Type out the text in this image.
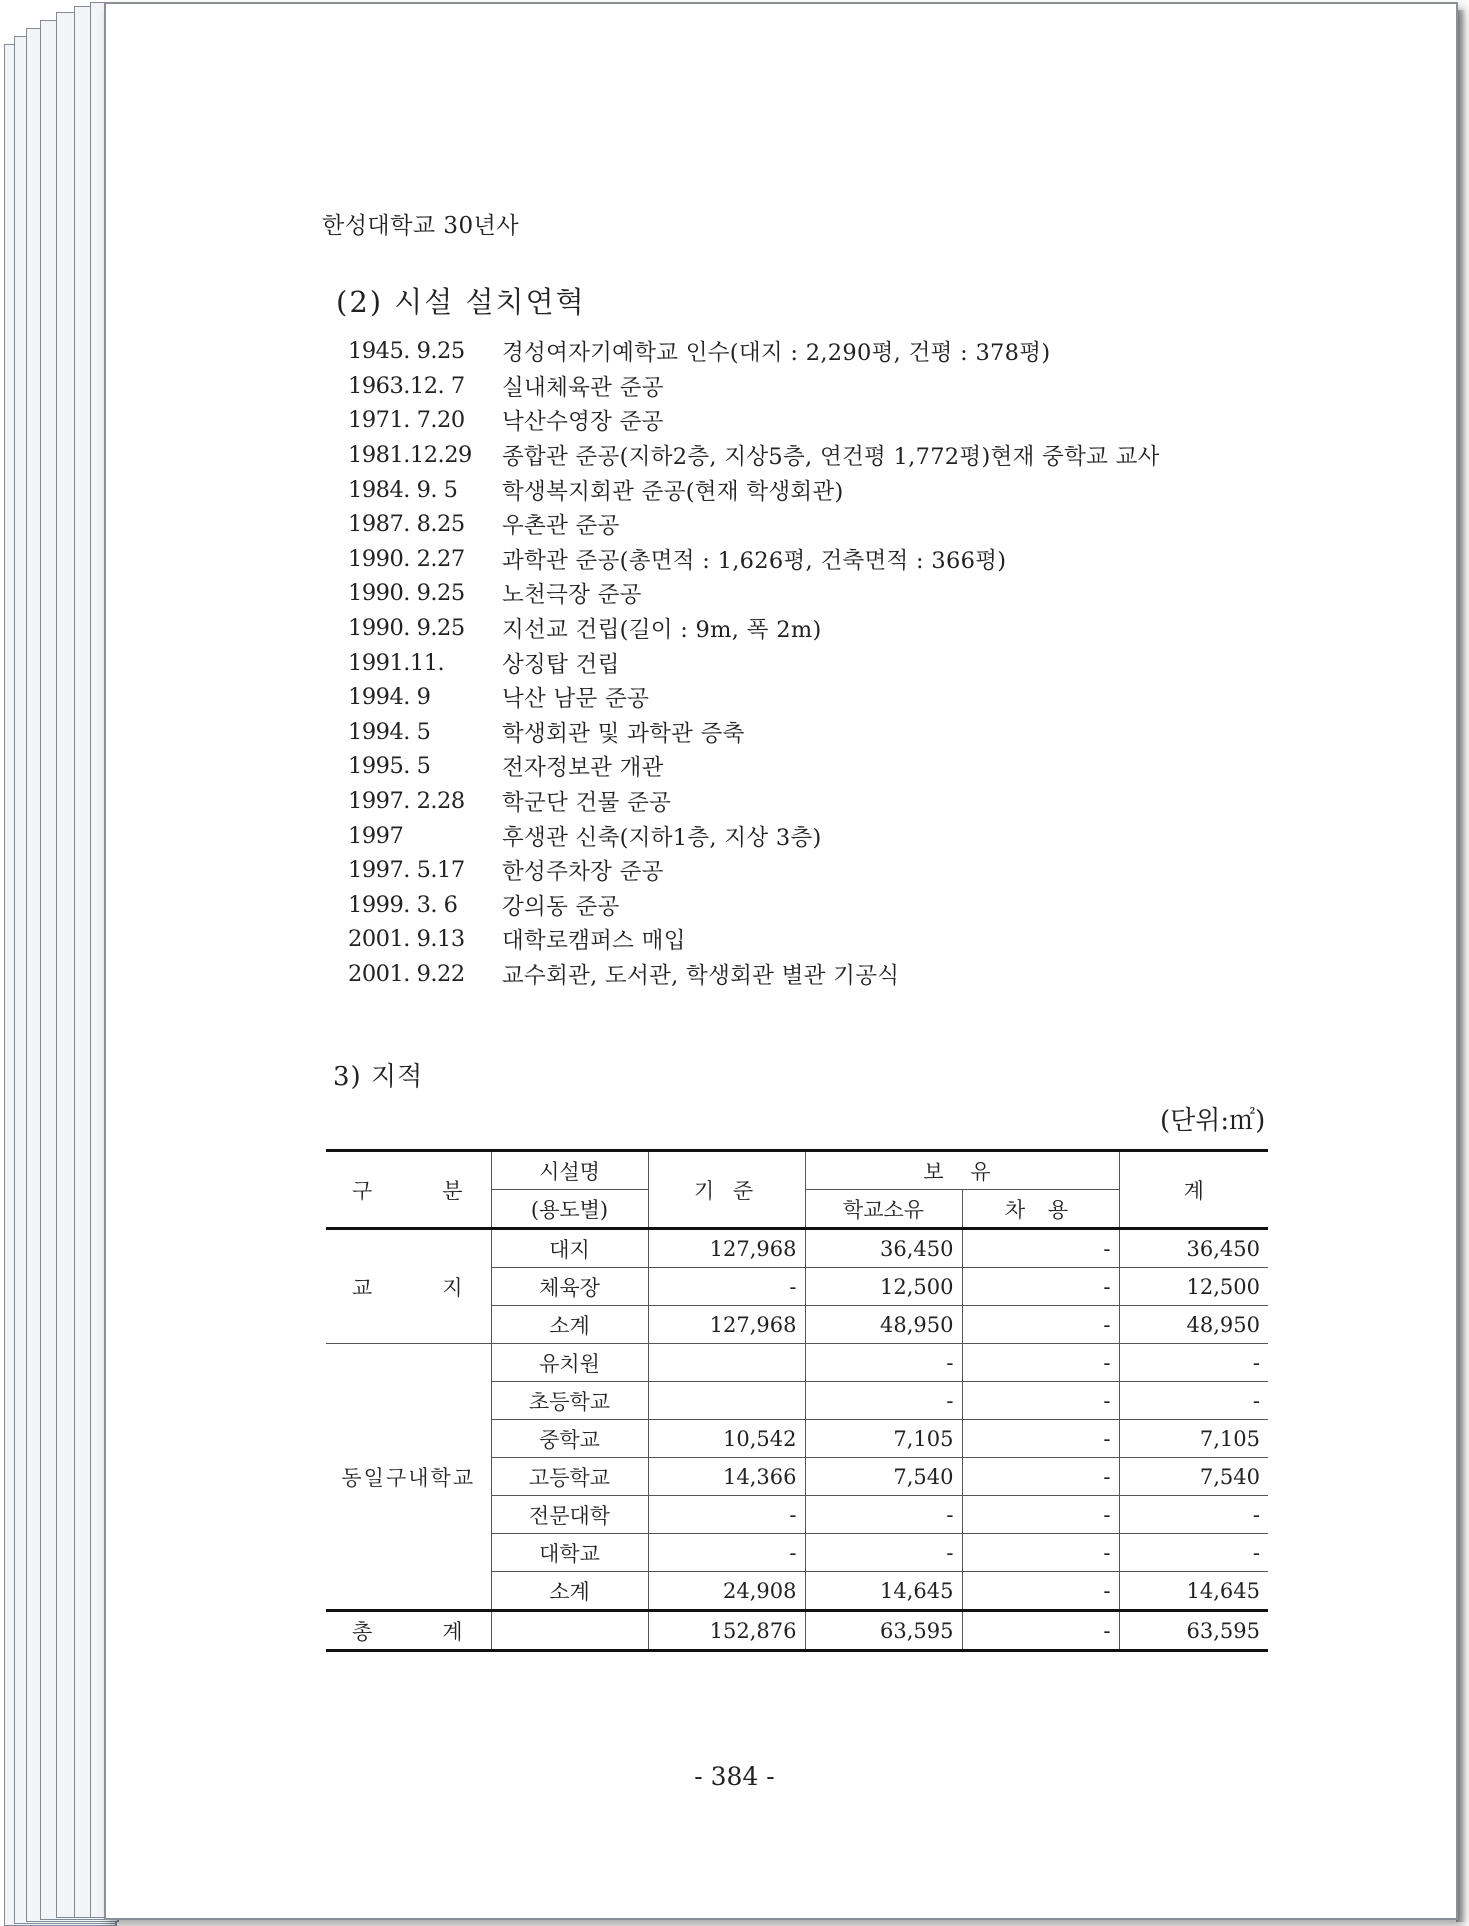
한성대학교 30년사
(2) 시설 설치연혁
1945. 9.25	경성여자기예학교 인수(대지 : 2,290평, 건평 : 378평)
1963.12. 7	실내체육관 준공
1971. 7.20	낙산수영장 준공
1981.12.29	종합관 준공(지하2층, 지상5층, 연건평 1,772평)현재 중학교 교사
1984. 9. 5	학생복지회관 준공(현재 학생회관)
1987. 8.25	우촌관 준공
1990. 2.27	과학관 준공(총면적 : 1,626평, 건축면적 : 366평)
1990. 9.25	노천극장 준공
1990. 9.25	지선교 건립(길이 : 9m, 폭 2m)
1991.11.	상징탑 건립
1994. 9	낙산 남문 준공
1994. 5	학생회관 및 과학관 증축
1995. 5	전자정보관 개관
1997. 2.28	학군단 건물 준공
1997	후생관 신축(지하1층, 지상 3층)
1997. 5.17	한성주차장 준공
1999. 3. 6	강의동 준공
2001. 9.13	대학로캠퍼스 매입
2001. 9.22	교수회관, 도서관, 학생회관 별관 기공식
3) 지적
(단위:㎡)
구 분	시설명	기 준	보 유		계
	(용도별)		학교소유	차 용	
교 지	대지	127,968	36,450	-	36,450
	체육장	-	12,500	-	12,500
	소계	127,968	48,950	-	48,950
동일구내학교	유치원		-	-	-
	초등학교		-	-	-
	중학교	10,542	7,105	-	7,105
	고등학교	14,366	7,540	-	7,540
	전문대학	-	-	-	-
	대학교	-	-	-	-
	소계	24,908	14,645	-	14,645
총 계		152,876	63,595	-	63,595
- 384 -
